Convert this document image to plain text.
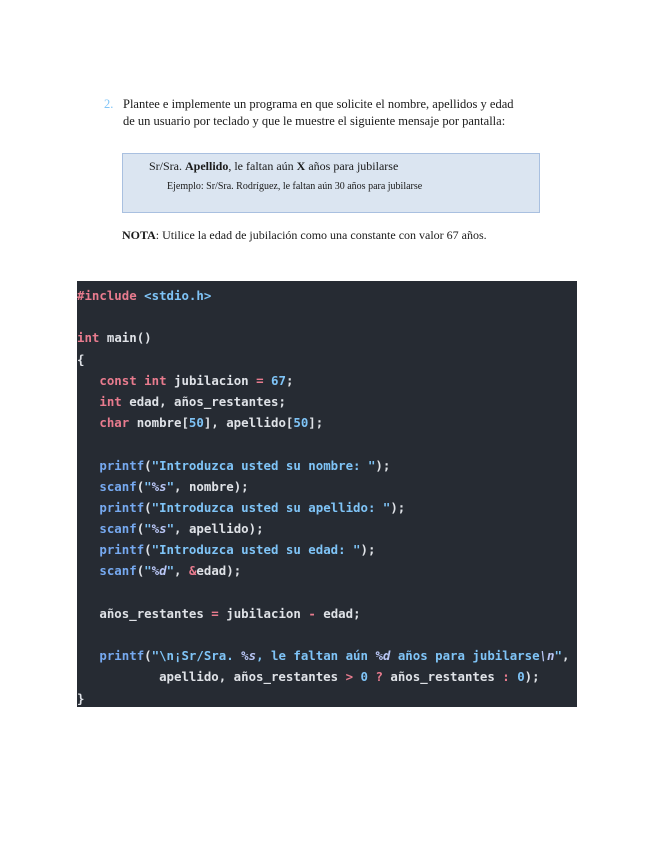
2. Plantee e implemente un programa en que solicite el nombre, apellidos y edad
de un usuario por teclado y que le muestre el siguiente mensaje por pantalla:
Sr/Sra. Apellido, le faltan aún X años para jubilarse
Ejemplo: Sr/Sra. Rodríguez, le faltan aún 30 años para jubilarse
NOTA: Utilice la edad de jubilación como una constante con valor 67 años.
#include <stdio.h>

int main()
{
const int jubilacion = 67;
int edad, años_restantes;
char nombre[50], apellido[50];

printf("Introduzca usted su nombre: ");
scanf("%s", nombre);
printf("Introduzca usted su apellido: ");
scanf("%s", apellido);
printf("Introduzca usted su edad: ");
scanf("%d", &edad);

años_restantes = jubilacion - edad;

printf("\n¡Sr/Sra. %s, le faltan aún %d años para jubilarse\n",
apellido, años_restantes > 0 ? años_restantes : 0);
}
